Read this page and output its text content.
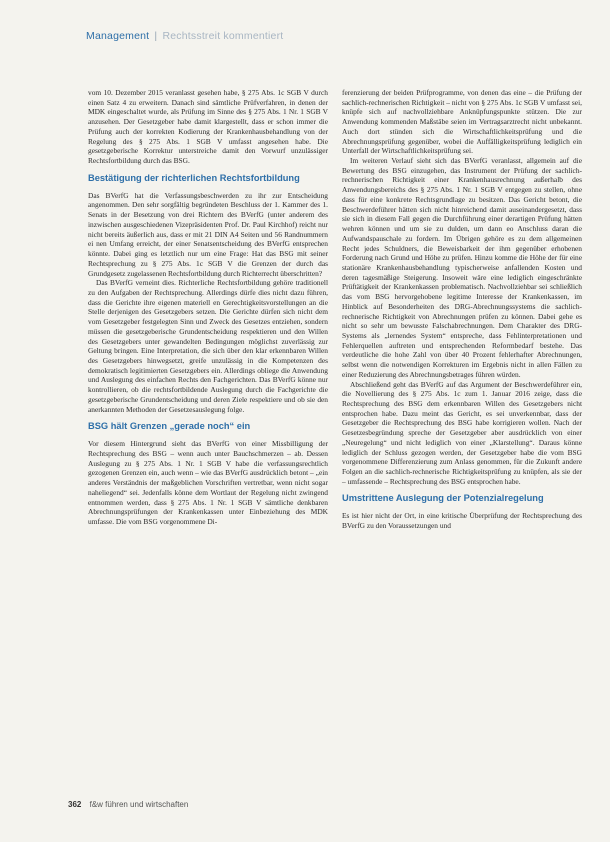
Management | Rechtsstreit kommentiert

vom 10. Dezember 2015 veranlasst gesehen habe, § 275 Abs. 1c SGB V durch einen Satz 4 zu erweitern. Danach sind sämtliche Prüfverfahren, in denen der MDK eingeschaltet wurde, als Prüfung im Sinne des § 275 Abs. 1 Nr. 1 SGB V anzusehen. Der Gesetzgeber habe damit klargestellt, dass er schon immer die Prüfung auch der korrekten Kodierung der Krankenhausbehandlung von der Regelung des § 275 Abs. 1 SGB V umfasst angesehen habe. Die gesetzgeberische Korrektur unterstreiche damit den Vorwurf unzulässiger Rechtsfortbildung durch das BSG.

Bestätigung der richterlichen Rechtsfortbildung

Das BVerfG hat die Verfassungsbeschwerden zu ihr zur Entscheidung angenommen. Den sehr sorgfältig begründeten Beschluss der 1. Kammer des 1. Senats in der Besetzung von drei Richtern des BVerfG (unter anderem des inzwischen ausgeschiedenen Vizepräsidenten Prof. Dr. Paul Kirchhof) reicht nur nicht bereits äußerlich aus, dass er mit 21 DIN A4 Seiten und 56 Randnummern ei nen Umfang erreicht, der einer Senatsentscheidung des BVerfG entsprechen könnte. Dabei ging es letztlich nur um eine Frage: Hat das BSG mit seiner Rechtsprechung zu § 275 Abs. 1c SGB V die Grenzen der durch das Grundgesetz zugelassenen Rechtsfortbildung durch Richterrecht überschritten?

Das BVerfG verneint dies. Richterliche Rechtsfortbildung gehöre traditionell zu den Aufgaben der Rechtsprechung. Allerdings dürfe dies nicht dazu führen, dass die Gerichte ihre eigenen materiell en Gerechtigkeitsvorstellungen an die Stelle derjenigen des Gesetzgebers setzen. Die Gerichte dürfen sich nicht dem vom Gesetzgeber festgelegten Sinn und Zweck des Gesetzes entziehen, sondern müssen die gesetzgeberische Grundentscheidung respektieren und den Willen des Gesetzgebers unter gewandelten Bedingungen möglichst zuverlässig zur Geltung bringen. Eine Interpretation, die sich über den klar erkennbaren Willen des Gesetzgebers hinwegsetzt, greife unzulässig in die Kompetenzen des demokratisch legitimierten Gesetzgebers ein. Allerdings obliege die Anwendung und Auslegung des einfachen Rechts den Fachgerichten. Das BVerfG könne nur kontrollieren, ob die rechtsfortbildende Auslegung durch die Fachgerichte die gesetzgeberische Grundentscheidung und deren Ziele respektiere und ob sie den anerkannten Methoden der Gesetzesauslegung folge.

BSG hält Grenzen „gerade noch“ ein

Vor diesem Hintergrund sieht das BVerfG von einer Missbilligung der Rechtsprechung des BSG – wenn auch unter Bauchschmerzen – ab. Dessen Auslegung zu § 275 Abs. 1 Nr. 1 SGB V habe die verfassungsrechtlich gezogenen Grenzen ein, auch wenn – wie das BVerfG ausdrücklich betont – „ein anderes Verständnis der maßgeblichen Vorschriften vertretbar, wenn nicht sogar naheliegend“ sei. Jedenfalls könne dem Wortlaut der Regelung nicht zwingend entnommen werden, dass § 275 Abs. 1 Nr. 1 SGB V sämtliche denkbaren Abrechnungsprüfungen der Krankenkassen unter Einbeziehung des MDK umfasse. Die vom BSG vorgenommene Di-

ferenzierung der beiden Prüfprogramme, von denen das eine – die Prüfung der sachlich-rechnerischen Richtigkeit – nicht von § 275 Abs. 1c SGB V umfasst sei, knüpfe sich auf nachvollziehbare Anknüpfungspunkte stützen. Die zur Anwendung kommenden Maßstäbe seien im Vertragsarztrecht nicht unbekannt. Auch dort stünden sich die Wirtschaftlichkeitsprüfung und die Abrechnungsprüfung gegenüber, wobei die Auffälligkeitsprüfung lediglich ein Unterfall der Wirtschaftlichkeitsprüfung sei.

Im weiteren Verlauf sieht sich das BVerfG veranlasst, allgemein auf die Bewertung des BSG einzugehen, das Instrument der Prüfung der sachlich-rechnerischen Richtigkeit einer Krankenhausrechnung außerhalb des Anwendungsbereichs des § 275 Abs. 1 Nr. 1 SGB V entgegen zu stellen, ohne dass für eine konkrete Rechtsgrundlage zu besitzen. Das Gericht betont, die Beschwerdeführer hätten sich nicht hinreichend damit auseinandergesetzt, dass sie sich in diesem Fall gegen die Durchführung einer derartigen Prüfung hätten wehren können und um sie zu dulden, um dann eo Anschluss daran die Aufwandspauschale zu fordern. Im Übrigen gehöre es zu dem allgemeinen Recht jedes Schuldners, die Beweisbarkeit der ihm gegenüber erhobenen Forderung nach Grund und Höhe zu prüfen. Hinzu komme die Höhe der für eine stationäre Krankenhausbehandlung typischerweise anfallenden Kosten und deren tagesmäßige Steigerung. Insoweit wäre eine lediglich eingeschränkte Prüftätigkeit der Krankenkassen problematisch. Nachvollziehbar sei schließlich das vom BSG hervorgehobene legitime Interesse der Krankenkassen, im Hinblick auf Besonderheiten des DRG-Abrechnungssystems die sachlich-rechnerische Richtigkeit von Abrechnungen prüfen zu können. Dabei gehe es nicht so sehr um bewusste Falschabrechnungen. Dem Charakter des DRG-Systems als „lernendes System“ entspreche, dass Fehlinterpretationen und Fehlerquellen auftreten und entsprechenden Reformbedarf bestehe. Das verdeutliche die hohe Zahl von über 40 Prozent fehlerhafter Abrechnungen, selbst wenn die notwendigen Korrekturen im Ergebnis nicht in allen Fällen zu einer Reduzierung des Abrechnungsbetrages führen würden.

Abschließend geht das BVerfG auf das Argument der Beschwerdeführer ein, die Novellierung des § 275 Abs. 1c zum 1. Januar 2016 zeige, dass die Rechtsprechung des BSG dem erkennbaren Willen des Gesetzgebers nicht entsprochen habe. Dazu meint das Gericht, es sei unverkennbar, dass der Gesetzgeber die Rechtsprechung des BSG habe korrigieren wollen. Nach der Gesetzesbegründung spreche der Gesetzgeber aber ausdrücklich von einer „Neuregelung“ und nicht lediglich von einer „Klarstellung“. Daraus könne lediglich der Schluss gezogen werden, der Gesetzgeber habe die vom BSG vorgenommene Differenzierung zum Anlass genommen, für die Zukunft andere Folgen an die sachlich-rechnerische Richtigkeitsprüfung zu knüpfen, als sie der – umfassende – Rechtsprechung des BSG entsprochen habe.

Umstrittene Auslegung der Potenzialregelung

Es ist hier nicht der Ort, in eine kritische Überprüfung der Rechtsprechung des BVerfG zu den Voraussetzungen und

362 f&w führen und wirtschaften
